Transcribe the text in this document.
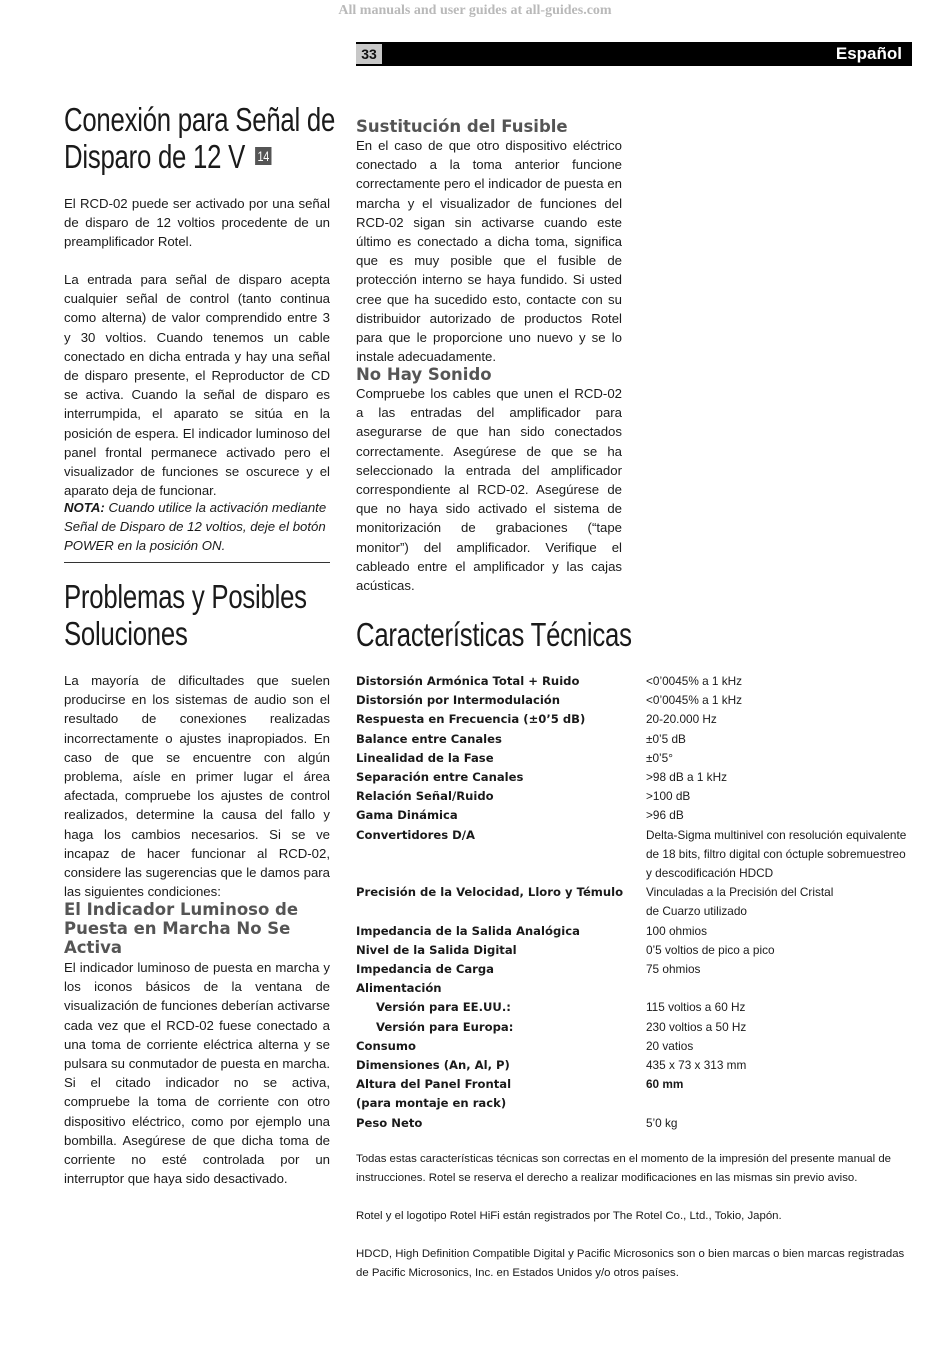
All manuals and user guides at all-guides.com
33	Español
Conexión para Señal de
Disparo de 12 V 14

El RCD-02 puede ser activado por una señal de disparo de 12 voltios procedente de un preamplificador Rotel.

La entrada para señal de disparo acepta cualquier señal de control (tanto continua como alterna) de valor comprendido entre 3 y 30 voltios. Cuando tenemos un cable conectado en dicha entrada y hay una señal de disparo presente, el Reproductor de CD se activa. Cuando la señal de disparo es interrumpida, el aparato se sitúa en la posición de espera. El indicador luminoso del panel frontal permanece activado pero el visualizador de funciones se oscurece y el aparato deja de funcionar.

NOTA: Cuando utilice la activación mediante Señal de Disparo de 12 voltios, deje el botón POWER en la posición ON.

Problemas y Posibles
Soluciones

La mayoría de dificultades que suelen producirse en los sistemas de audio son el resultado de conexiones realizadas incorrectamente o ajustes inapropiados. En caso de que se encuentre con algún problema, aísle en primer lugar el área afectada, compruebe los ajustes de control realizados, determine la causa del fallo y haga los cambios necesarios. Si se ve incapaz de hacer funcionar al RCD-02, considere las sugerencias que le damos para las siguientes condiciones:

El Indicador Luminoso de Puesta en Marcha No Se Activa

El indicador luminoso de puesta en marcha y los iconos básicos de la ventana de visualización de funciones deberían activarse cada vez que el RCD-02 fuese conectado a una toma de corriente eléctrica alterna y se pulsara su conmutador de puesta en marcha. Si el citado indicador no se activa, compruebe la toma de corriente con otro dispositivo eléctrico, como por ejemplo una bombilla. Asegúrese de que dicha toma de corriente no esté controlada por un interruptor que haya sido desactivado.

Sustitución del Fusible

En el caso de que otro dispositivo eléctrico conectado a la toma anterior funcione correctamente pero el indicador de puesta en marcha y el visualizador de funciones del RCD-02 sigan sin activarse cuando este último es conectado a dicha toma, significa que es muy posible que el fusible de protección interno se haya fundido. Si usted cree que ha sucedido esto, contacte con su distribuidor autorizado de productos Rotel para que le proporcione uno nuevo y se lo instale adecuadamente.

No Hay Sonido

Compruebe los cables que unen el RCD-02 a las entradas del amplificador para asegurarse de que han sido conectados correctamente. Asegúrese de que se ha seleccionado la entrada del amplificador correspondiente al RCD-02. Asegúrese de que no haya sido activado el sistema de monitorización de grabaciones (“tape monitor”) del amplificador. Verifique el cableado entre el amplificador y las cajas acústicas.

Características Técnicas
Distorsión Armónica Total + Ruido	<0’0045% a 1 kHz
Distorsión por Intermodulación	<0’0045% a 1 kHz
Respuesta en Frecuencia (±0’5 dB)	20-20.000 Hz
Balance entre Canales	±0’5 dB
Linealidad de la Fase	±0’5°
Separación entre Canales	>98 dB a 1 kHz
Relación Señal/Ruido	>100 dB
Gama Dinámica	>96 dB
Convertidores D/A	Delta-Sigma multinivel con resolución equivalente
de 18 bits, filtro digital con óctuple sobremuestreo
y descodificación HDCD
Precisión de la Velocidad, Lloro y Témulo	Vinculadas a la Precisión del Cristal
de Cuarzo utilizado
Impedancia de la Salida Analógica	100 ohmios
Nivel de la Salida Digital	0’5 voltios de pico a pico
Impedancia de Carga	75 ohmios
Alimentación
Versión para EE.UU.:	115 voltios a 60 Hz
Versión para Europa:	230 voltios a 50 Hz
Consumo	20 vatios
Dimensiones (An, Al, P)	435 x 73 x 313 mm
Altura del Panel Frontal	60 mm
(para montaje en rack)
Peso Neto	5’0 kg

Todas estas características técnicas son correctas en el momento de la impresión del presente manual de instrucciones. Rotel se reserva el derecho a realizar modificaciones en las mismas sin previo aviso.

Rotel y el logotipo Rotel HiFi están registrados por The Rotel Co., Ltd., Tokio, Japón.

HDCD, High Definition Compatible Digital y Pacific Microsonics son o bien marcas o bien marcas registradas de Pacific Microsonics, Inc. en Estados Unidos y/o otros países.
